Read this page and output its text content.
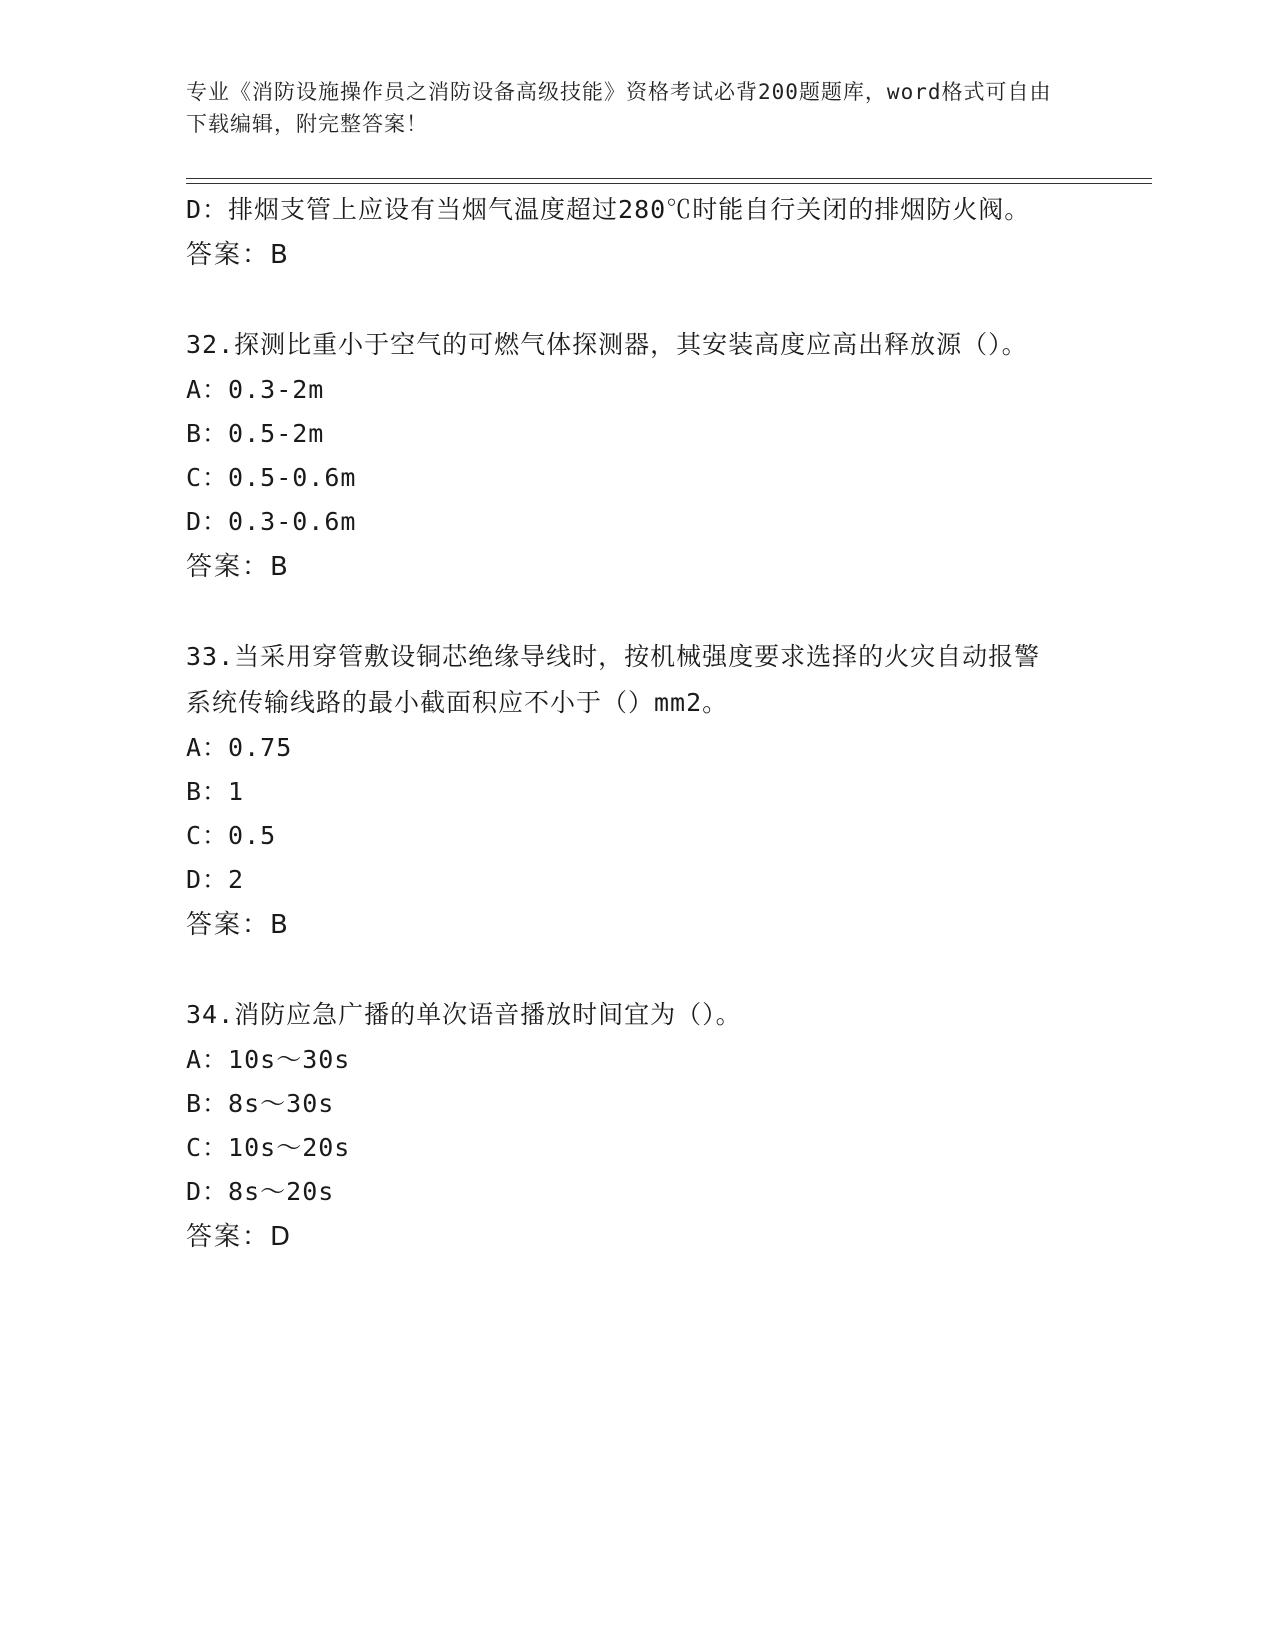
专业《消防设施操作员之消防设备高级技能》资格考试必背200题题库，word格式可自由下载编辑，附完整答案！
D：排烟支管上应设有当烟气温度超过280℃时能自行关闭的排烟防火阀。
答案：B
32.探测比重小于空气的可燃气体探测器，其安装高度应高出释放源（）。
A：0.3-2m
B：0.5-2m
C：0.5-0.6m
D：0.3-0.6m
答案：B
33.当采用穿管敷设铜芯绝缘导线时，按机械强度要求选择的火灾自动报警系统传输线路的最小截面积应不小于（）mm2。
A：0.75
B：1
C：0.5
D：2
答案：B
34.消防应急广播的单次语音播放时间宜为（）。
A：10s～30s
B：8s～30s
C：10s～20s
D：8s～20s
答案：D
